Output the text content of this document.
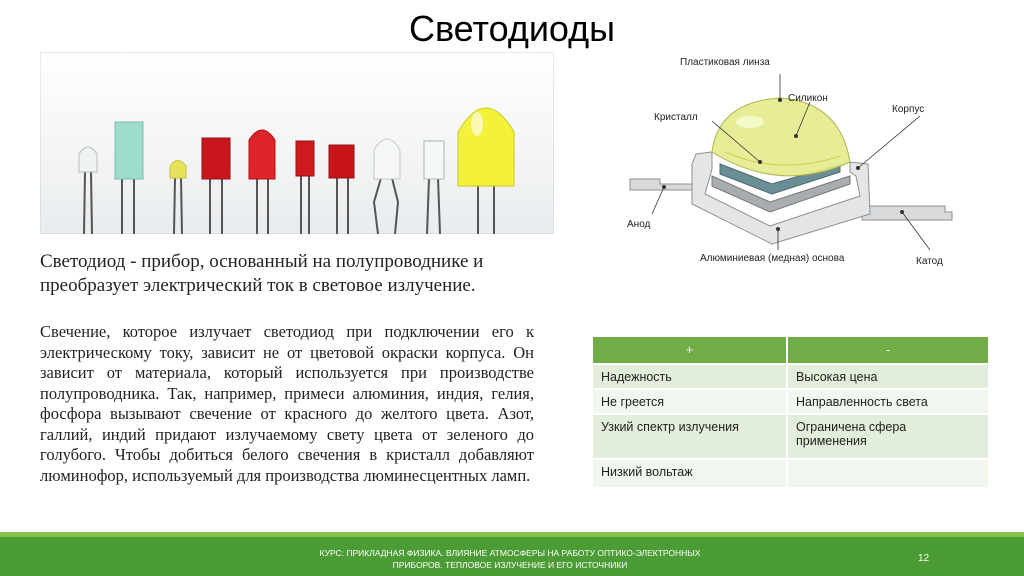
Светодиоды
Пластиковая линза
Силикон
Кристалл
Корпус
Анод
Алюминиевая (медная) основа	Катод
Светодиод - прибор, основанный на полупроводнике и преобразует электрический ток в световое излучение.
Свечение, которое излучает светодиод при подключении его к электрическому току, зависит не от цветовой окраски корпуса. Он зависит от материала, который используется при производстве полупроводника. Так, например, примеси алюминия, индия, гелия, фосфора вызывают свечение от красного до желтого цвета. Азот, галлий, индий придают излучаемому свету цвета от зеленого до голубого. Чтобы добиться белого свечения в кристалл добавляют люминофор, используемый для производства люминесцентных ламп.
+	-
Надежность	Высокая цена
Не греется	Направленность света
Узкий спектр излучения	Ограничена сфера применения
Низкий вольтаж	
КУРС: ПРИКЛАДНАЯ ФИЗИКА. ВЛИЯНИЕ АТМОСФЕРЫ НА РАБОТУ ОПТИКО-ЭЛЕКТРОННЫХ ПРИБОРОВ. ТЕПЛОВОЕ ИЗЛУЧЕНИЕ И ЕГО ИСТОЧНИКИ
12
